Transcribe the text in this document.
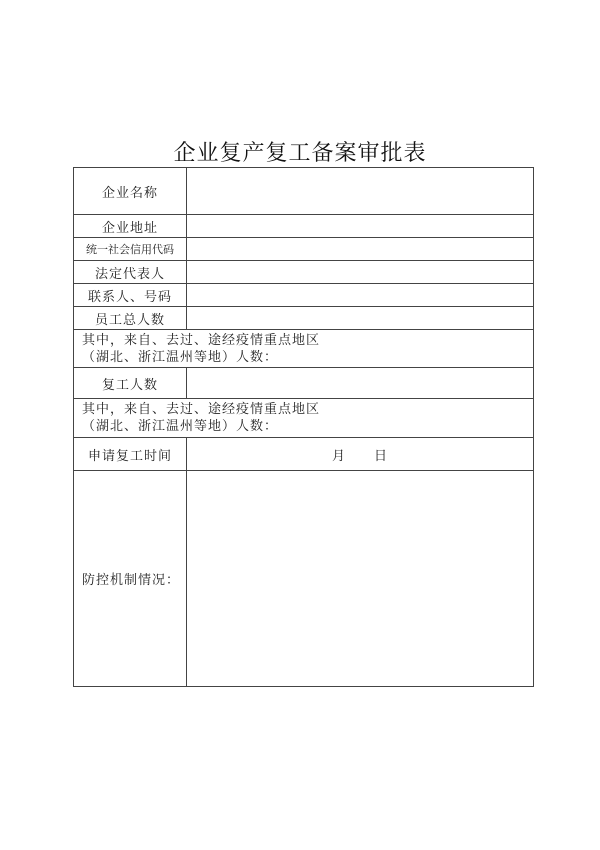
企业复产复工备案审批表
企业名称	
企业地址	
统一社会信用代码	
法定代表人	
联系人、号码	
员工总人数	

其中，来自、去过、途经疫情重点地区
（湖北、浙江温州等地）人数：	

复工人数	

其中，来自、去过、途经疫情重点地区
（湖北、浙江温州等地）人数：	

申请复工时间	月 日
防控机制情况：	
